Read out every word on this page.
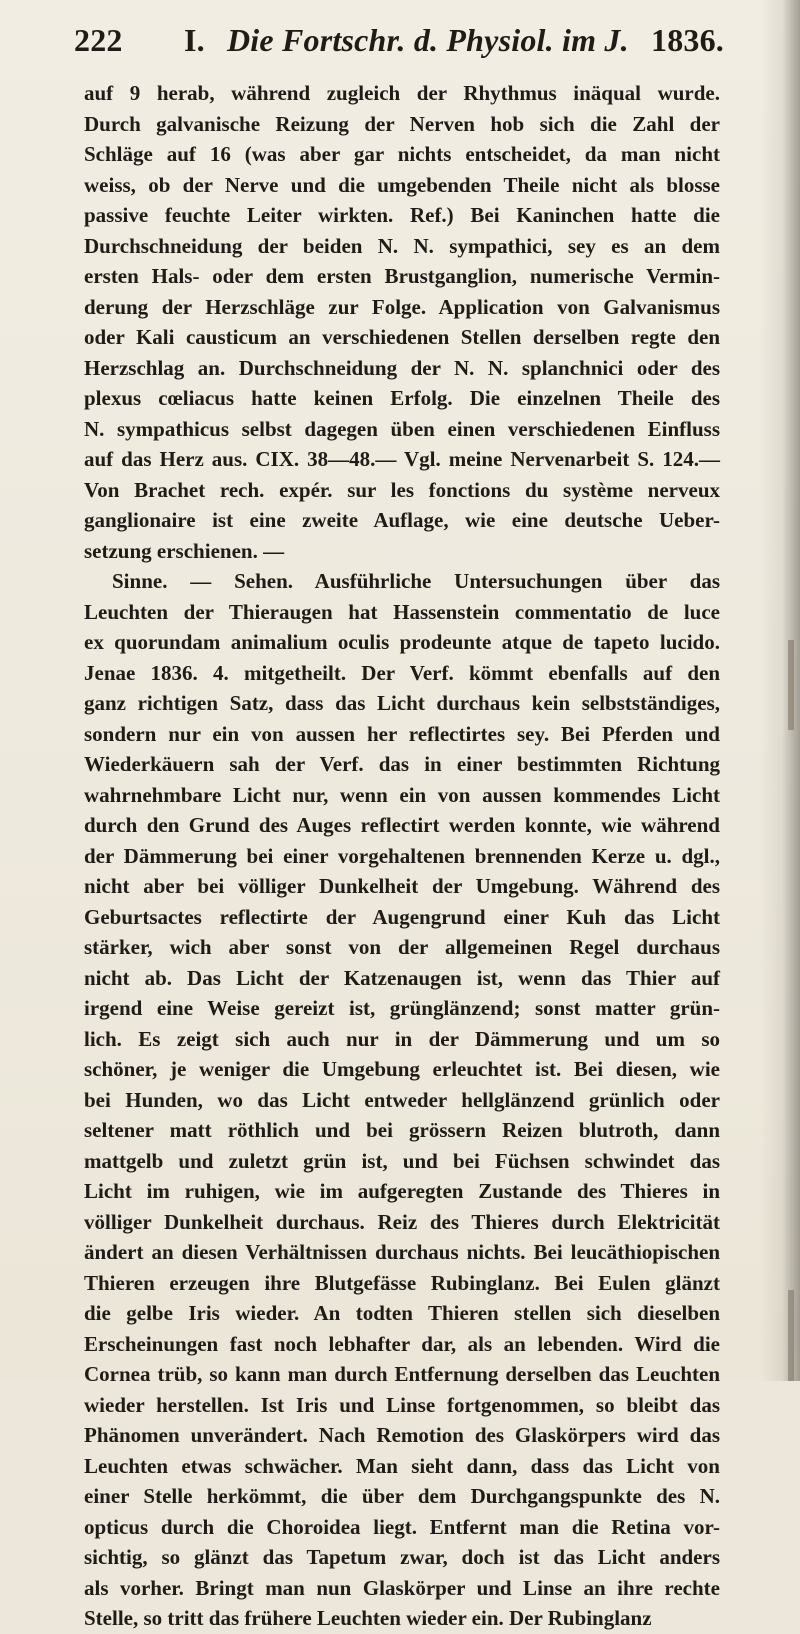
222	I. Die Fortschr. d. Physiol. im J. 1836.
auf 9 herab, während zugleich der Rhythmus inäqual wurde.
Durch galvanische Reizung der Nerven hob sich die Zahl der
Schläge auf 16 (was aber gar nichts entscheidet, da man nicht
weiss, ob der Nerve und die umgebenden Theile nicht als blosse
passive feuchte Leiter wirkten. Ref.) Bei Kaninchen hatte die
Durchschneidung der beiden N. N. sympathici, sey es an dem
ersten Hals- oder dem ersten Brustganglion, numerische Vermin-
derung der Herzschläge zur Folge. Application von Galvanismus
oder Kali causticum an verschiedenen Stellen derselben regte den
Herzschlag an. Durchschneidung der N. N. splanchnici oder des
plexus cœliacus hatte keinen Erfolg. Die einzelnen Theile des
N. sympathicus selbst dagegen üben einen verschiedenen Einfluss
auf das Herz aus. CIX. 38—48.— Vgl. meine Nervenarbeit S. 124.—
Von Brachet rech. expér. sur les fonctions du système nerveux
ganglionaire ist eine zweite Auflage, wie eine deutsche Ueber-
setzung erschienen. —
Sinne. — Sehen. Ausführliche Untersuchungen über das
Leuchten der Thieraugen hat Hassenstein commentatio de luce
ex quorundam animalium oculis prodeunte atque de tapeto lucido.
Jenae 1836. 4. mitgetheilt. Der Verf. kömmt ebenfalls auf den
ganz richtigen Satz, dass das Licht durchaus kein selbstständiges,
sondern nur ein von aussen her reflectirtes sey. Bei Pferden und
Wiederkäuern sah der Verf. das in einer bestimmten Richtung
wahrnehmbare Licht nur, wenn ein von aussen kommendes Licht
durch den Grund des Auges reflectirt werden konnte, wie während
der Dämmerung bei einer vorgehaltenen brennenden Kerze u. dgl.,
nicht aber bei völliger Dunkelheit der Umgebung. Während des
Geburtsactes reflectirte der Augengrund einer Kuh das Licht
stärker, wich aber sonst von der allgemeinen Regel durchaus
nicht ab. Das Licht der Katzenaugen ist, wenn das Thier auf
irgend eine Weise gereizt ist, grünglänzend; sonst matter grün-
lich. Es zeigt sich auch nur in der Dämmerung und um so
schöner, je weniger die Umgebung erleuchtet ist. Bei diesen, wie
bei Hunden, wo das Licht entweder hellglänzend grünlich oder
seltener matt röthlich und bei grössern Reizen blutroth, dann
mattgelb und zuletzt grün ist, und bei Füchsen schwindet das
Licht im ruhigen, wie im aufgeregten Zustande des Thieres in
völliger Dunkelheit durchaus. Reiz des Thieres durch Elektricität
ändert an diesen Verhältnissen durchaus nichts. Bei leucäthiopischen
Thieren erzeugen ihre Blutgefässe Rubinglanz. Bei Eulen glänzt
die gelbe Iris wieder. An todten Thieren stellen sich dieselben
Erscheinungen fast noch lebhafter dar, als an lebenden. Wird die
Cornea trüb, so kann man durch Entfernung derselben das Leuchten
wieder herstellen. Ist Iris und Linse fortgenommen, so bleibt das
Phänomen unverändert. Nach Remotion des Glaskörpers wird das
Leuchten etwas schwächer. Man sieht dann, dass das Licht von
einer Stelle herkömmt, die über dem Durchgangspunkte des N.
opticus durch die Choroidea liegt. Entfernt man die Retina vor-
sichtig, so glänzt das Tapetum zwar, doch ist das Licht anders
als vorher. Bringt man nun Glaskörper und Linse an ihre rechte
Stelle, so tritt das frühere Leuchten wieder ein. Der Rubinglanz
